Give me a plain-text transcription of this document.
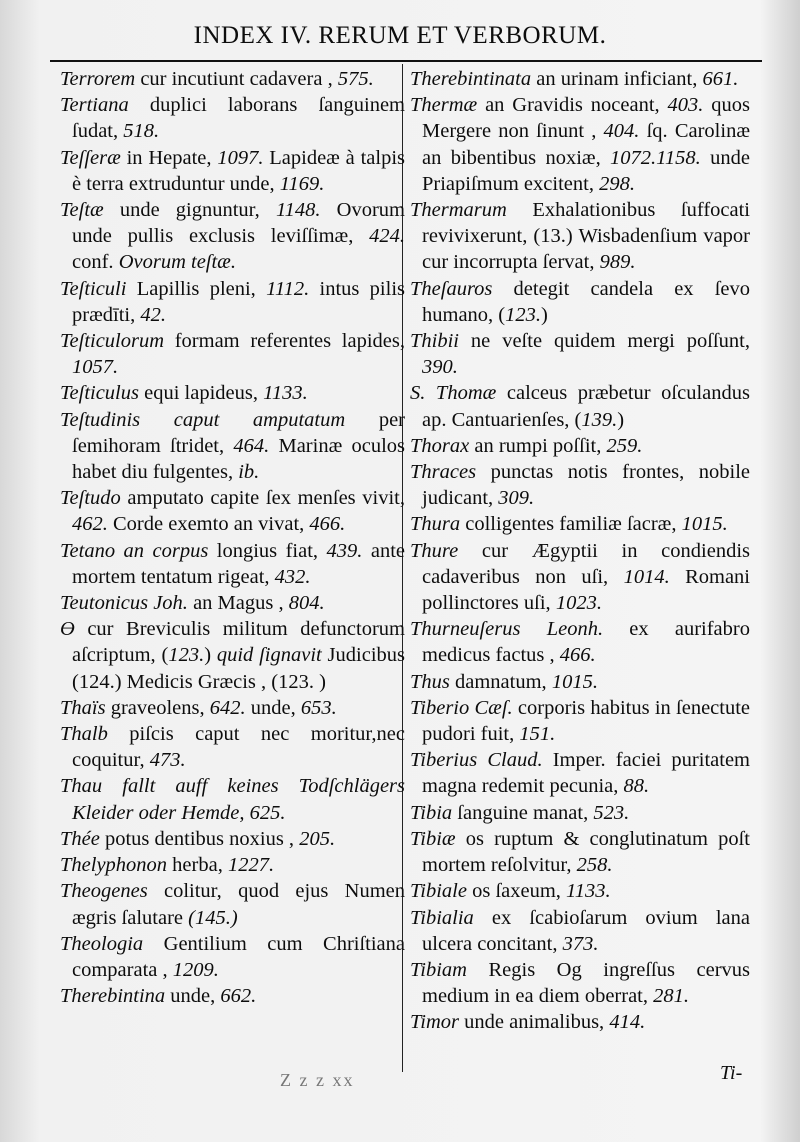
INDEX IV. RERUM ET VERBORUM.

Terrorem cur incutiunt cadavera , 575.

Tertiana duplici laborans ſanguinem ſudat, 518.

Teſſeræ in Hepate, 1097. Lapideæ à talpis è terra extruduntur unde, 1169.

Teſtæ unde gignuntur, 1148. Ovorum unde pullis exclusis leviſſimæ, 424. conf. Ovorum teſtæ.

Teſticuli Lapillis pleni, 1112. intus pilis prædīti, 42.

Teſticulorum formam referentes lapides, 1057.

Teſticulus equi lapideus, 1133.

Teſtudinis caput amputatum per ſemihoram ſtridet, 464. Marinæ oculos habet diu fulgentes, ib.

Teſtudo amputato capite ſex menſes vivit, 462. Corde exemto an vivat, 466.

Tetano an corpus longius fiat, 439. ante mortem tentatum rigeat, 432.

Teutonicus Joh. an Magus , 804.

ϴ cur Breviculis militum defunctorum aſcriptum, (123.) quid ſignavit Judicibus (124.) Medicis Græcis , (123. )

Thaïs graveolens, 642. unde, 653.

Thalb piſcis caput nec moritur,nec coquitur, 473.

Thau fallt auff keines Todſchlägers Kleider oder Hemde, 625.

Thée potus dentibus noxius , 205.

Thelyphonon herba, 1227.

Theogenes colitur, quod ejus Numen ægris ſalutare (145.)

Theologia Gentilium cum Chriſtiana comparata , 1209.

Therebintina unde, 662.

Therebintinata an urinam inficiant, 661.

Thermæ an Gravidis noceant, 403. quos Mergere non ſinunt , 404. ſq. Carolinæ an bibentibus noxiæ, 1072.1158. unde Priapiſmum excitent, 298.

Thermarum Exhalationibus ſuffocati revivixerunt, (13.) Wisbadenſium vapor cur incorrupta ſervat, 989.

Theſauros detegit candela ex ſevo humano, (123.)

Thibii ne veſte quidem mergi poſſunt, 390.

S. Thomæ calceus præbetur oſculandus ap. Cantuarienſes, (139.)

Thorax an rumpi poſſit, 259.

Thraces punctas notis frontes, nobile judicant, 309.

Thura colligentes familiæ ſacræ, 1015.

Thure cur Ægyptii in condiendis cadaveribus non uſi, 1014. Romani pollinctores uſi, 1023.

Thurneuſerus Leonh. ex aurifabro medicus factus , 466.

Thus damnatum, 1015.

Tiberio Cæſ. corporis habitus in ſenectute pudori fuit, 151.

Tiberius Claud. Imper. faciei puritatem magna redemit pecunia, 88.

Tibia ſanguine manat, 523.

Tibiæ os ruptum & conglutinatum poſt mortem reſolvitur, 258.

Tibiale os ſaxeum, 1133.

Tibialia ex ſcabioſarum ovium lana ulcera concitant, 373.

Tibiam Regis Og ingreſſus cervus medium in ea diem oberrat, 281.

Timor unde animalibus, 414.

Z z z xx	Ti-
